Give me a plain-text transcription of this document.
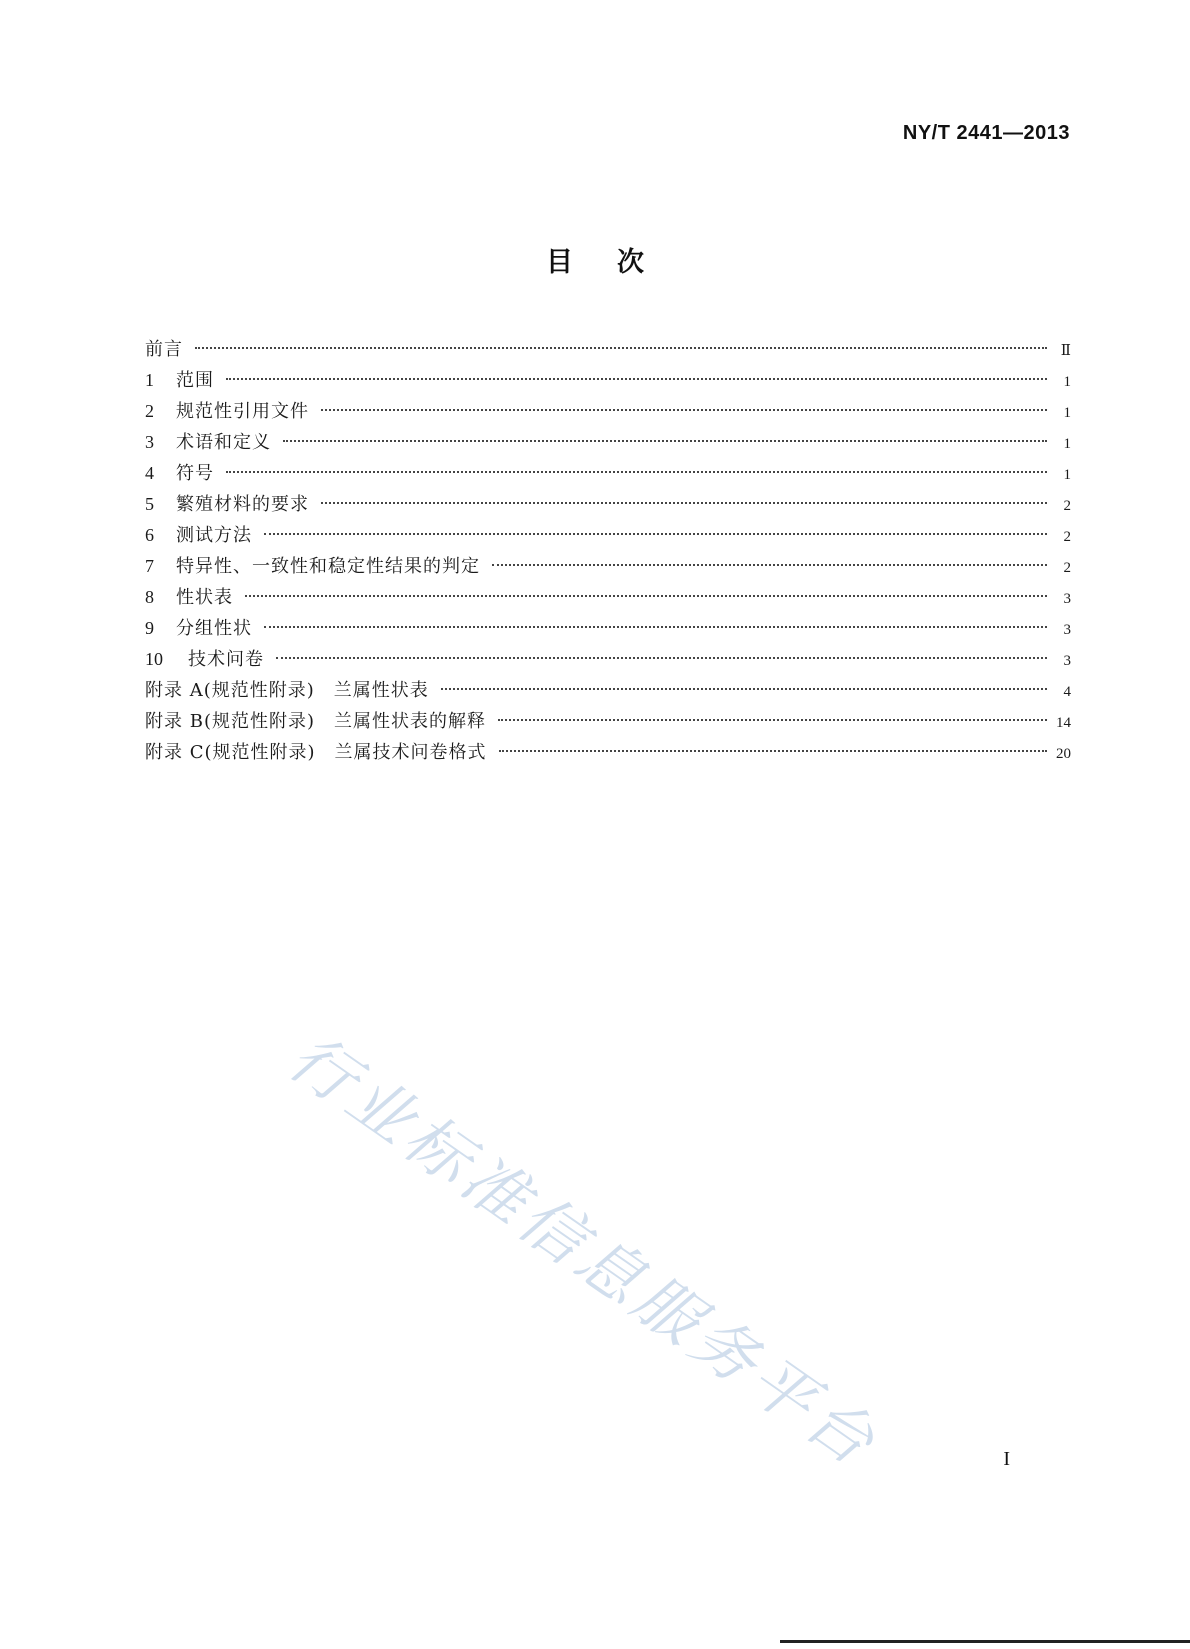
NY/T 2441—2013
目次
前言	Ⅱ
1	范围	1
2	规范性引用文件	1
3	术语和定义	1
4	符号	1
5	繁殖材料的要求	2
6	测试方法	2
7	特异性、一致性和稳定性结果的判定	2
8	性状表	3
9	分组性状	3
10	技术问卷	3
附录 A(规范性附录)　兰属性状表	4
附录 B(规范性附录)　兰属性状表的解释	14
附录 C(规范性附录)　兰属技术问卷格式	20
行业标准信息服务平台	I
